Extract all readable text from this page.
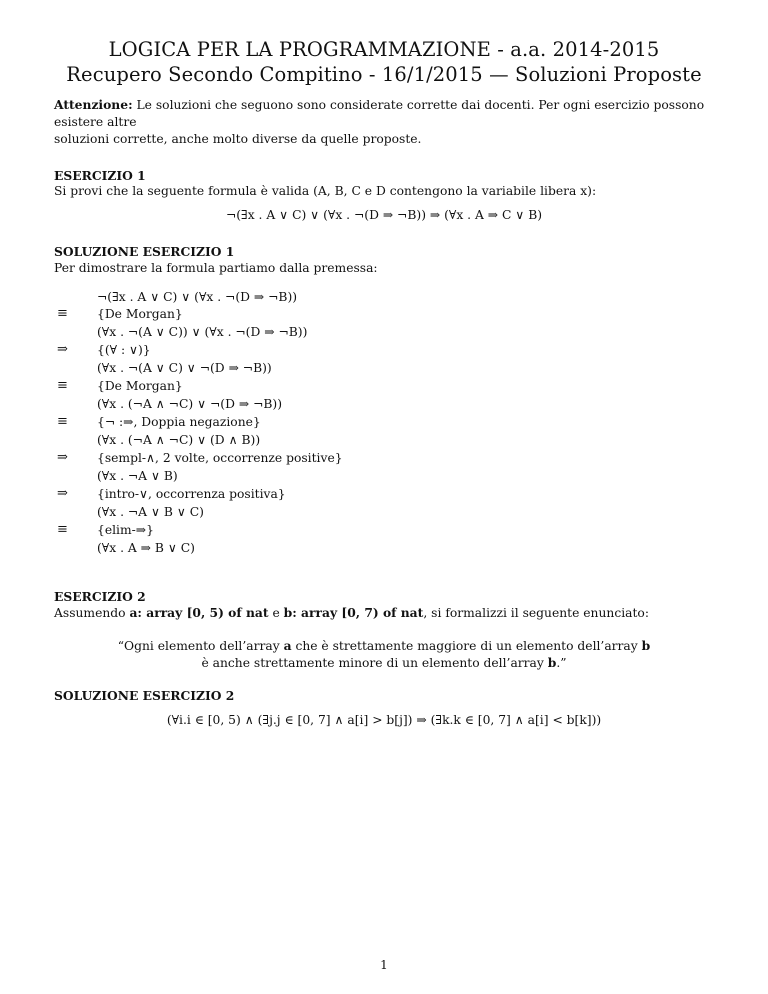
LOGICA PER LA PROGRAMMAZIONE - a.a. 2014-2015
Recupero Secondo Compitino - 16/1/2015 — Soluzioni Proposte
Attenzione: Le soluzioni che seguono sono considerate corrette dai docenti. Per ogni esercizio possono esistere altre
soluzioni corrette, anche molto diverse da quelle proposte.
ESERCIZIO 1
Si provi che la seguente formula è valida (A, B, C e D contengono la variabile libera x):
¬(∃x . A ∨ C) ∨ (∀x . ¬(D ⇒ ¬B)) ⇒ (∀x . A ⇒ C ∨ B)
SOLUZIONE ESERCIZIO 1
Per dimostrare la formula partiamo dalla premessa:
¬(∃x . A ∨ C) ∨ (∀x . ¬(D ⇒ ¬B))
≡ {De Morgan}
(∀x . ¬(A ∨ C)) ∨ (∀x . ¬(D ⇒ ¬B))
⇒ {(∀ : ∨)}
(∀x . ¬(A ∨ C) ∨ ¬(D ⇒ ¬B))
≡ {De Morgan}
(∀x . (¬A ∧ ¬C) ∨ ¬(D ⇒ ¬B))
≡ {¬ :⇒, Doppia negazione}
(∀x . (¬A ∧ ¬C) ∨ (D ∧ B))
⇒ {sempl-∧, 2 volte, occorrenze positive}
(∀x . ¬A ∨ B)
⇒ {intro-∨, occorrenza positiva}
(∀x . ¬A ∨ B ∨ C)
≡ {elim-⇒}
(∀x . A ⇒ B ∨ C)
ESERCIZIO 2
Assumendo a: array [0, 5) of nat e b: array [0, 7) of nat, si formalizzi il seguente enunciato:
“Ogni elemento dell’array a che è strettamente maggiore di un elemento dell’array b
è anche strettamente minore di un elemento dell’array b.”
SOLUZIONE ESERCIZIO 2
(∀i.i ∈ [0, 5) ∧ (∃j.j ∈ [0, 7] ∧ a[i] > b[j]) ⇒ (∃k.k ∈ [0, 7] ∧ a[i] < b[k]))
1
